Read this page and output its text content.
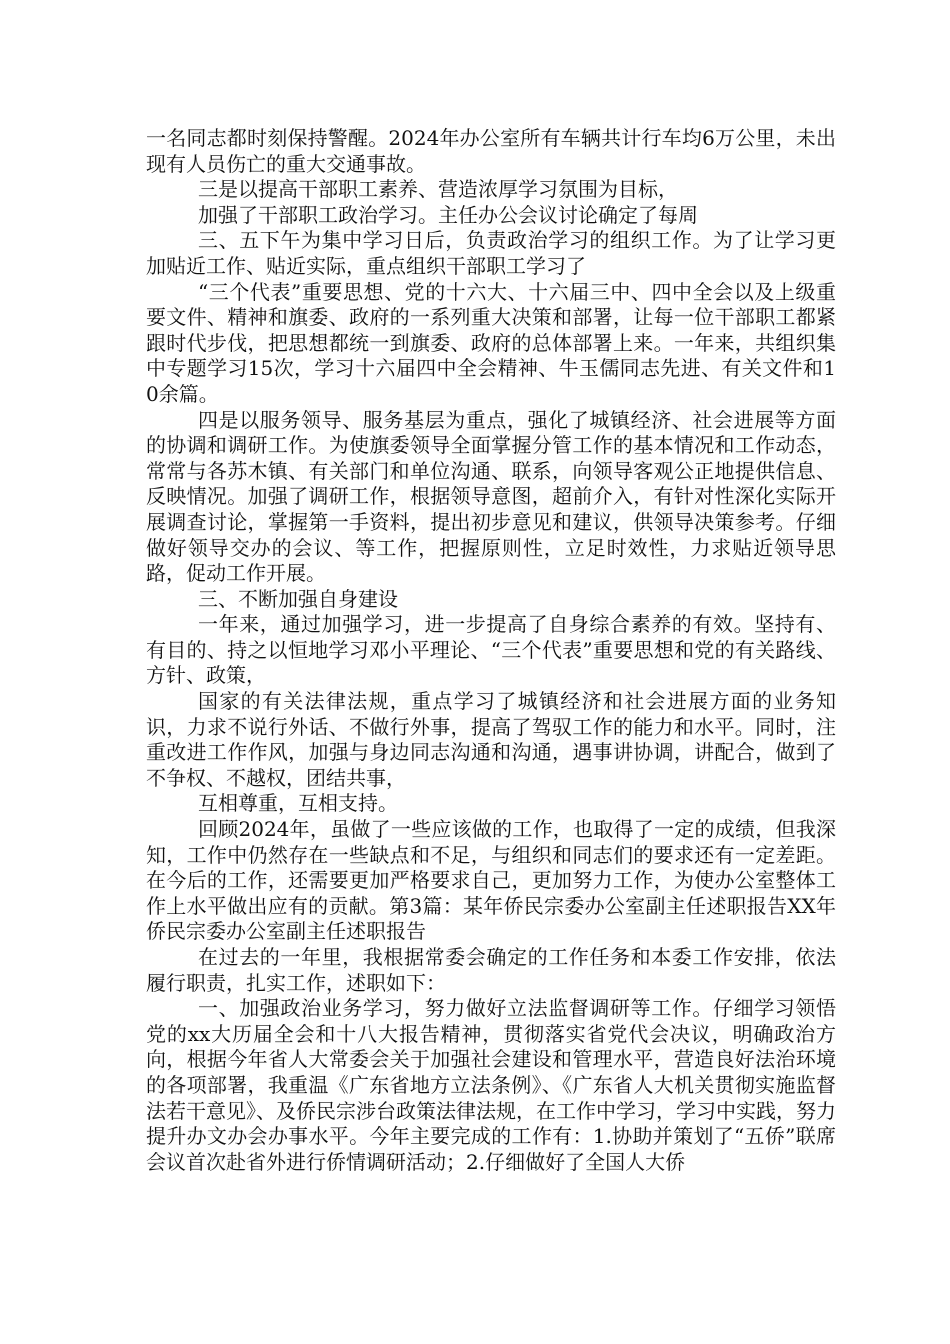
一名同志都时刻保持警醒。2024年办公室所有车辆共计行车均6万公里，未出现有人员伤亡的重大交通事故。

三是以提高干部职工素养、营造浓厚学习氛围为目标，

加强了干部职工政治学习。主任办公会议讨论确定了每周

三、五下午为集中学习日后，负责政治学习的组织工作。为了让学习更加贴近工作、贴近实际，重点组织干部职工学习了

“三个代表”重要思想、党的十六大、十六届三中、四中全会以及上级重要文件、精神和旗委、政府的一系列重大决策和部署，让每一位干部职工都紧跟时代步伐，把思想都统一到旗委、政府的总体部署上来。一年来，共组织集中专题学习15次，学习十六届四中全会精神、牛玉儒同志先进、有关文件和10余篇。

四是以服务领导、服务基层为重点，强化了城镇经济、社会进展等方面的协调和调研工作。为使旗委领导全面掌握分管工作的基本情况和工作动态，常常与各苏木镇、有关部门和单位沟通、联系，向领导客观公正地提供信息、反映情况。加强了调研工作，根据领导意图，超前介入，有针对性深化实际开展调查讨论，掌握第一手资料，提出初步意见和建议，供领导决策参考。仔细做好领导交办的会议、等工作，把握原则性，立足时效性，力求贴近领导思路，促动工作开展。

三、不断加强自身建设

一年来，通过加强学习，进一步提高了自身综合素养的有效。坚持有、有目的、持之以恒地学习邓小平理论、“三个代表”重要思想和党的有关路线、方针、政策，

国家的有关法律法规，重点学习了城镇经济和社会进展方面的业务知识，力求不说行外话、不做行外事，提高了驾驭工作的能力和水平。同时，注重改进工作作风，加强与身边同志沟通和沟通，遇事讲协调，讲配合，做到了不争权、不越权，团结共事，

互相尊重，互相支持。

回顾2024年，虽做了一些应该做的工作，也取得了一定的成绩，但我深知，工作中仍然存在一些缺点和不足，与组织和同志们的要求还有一定差距。在今后的工作，还需要更加严格要求自己，更加努力工作，为使办公室整体工作上水平做出应有的贡献。第3篇：某年侨民宗委办公室副主任述职报告XX年侨民宗委办公室副主任述职报告

在过去的一年里，我根据常委会确定的工作任务和本委工作安排，依法履行职责，扎实工作，述职如下：

一、加强政治业务学习，努力做好立法监督调研等工作。仔细学习领悟党的xx大历届全会和十八大报告精神，贯彻落实省党代会决议，明确政治方向，根据今年省人大常委会关于加强社会建设和管理水平，营造良好法治环境的各项部署，我重温《广东省地方立法条例》、《广东省人大机关贯彻实施监督法若干意见》、及侨民宗涉台政策法律法规，在工作中学习，学习中实践，努力提升办文办会办事水平。今年主要完成的工作有：1.协助并策划了“五侨”联席会议首次赴省外进行侨情调研活动；2.仔细做好了全国人大侨
